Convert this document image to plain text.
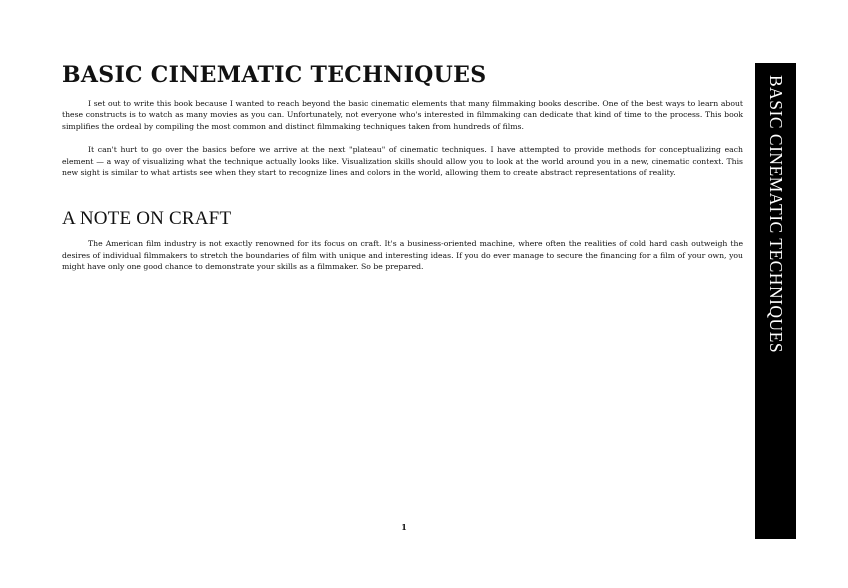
BASIC CINEMATIC TECHNIQUES

I set out to write this book because I wanted to reach beyond the basic cinematic elements that many filmmaking books describe. One of the best ways to learn about these constructs is to watch as many movies as you can. Unfortunately, not everyone who's interested in filmmaking can dedicate that kind of time to the process. This book simplifies the ordeal by compiling the most common and distinct filmmaking techniques taken from hundreds of films.

It can't hurt to go over the basics before we arrive at the next "plateau" of cinematic techniques. I have attempted to provide methods for conceptualizing each element — a way of visualizing what the technique actually looks like. Visualization skills should allow you to look at the world around you in a new, cinematic context. This new sight is similar to what artists see when they start to recognize lines and colors in the world, allowing them to create abstract representations of reality.

A NOTE ON CRAFT

The American film industry is not exactly renowned for its focus on craft. It's a business-oriented machine, where often the realities of cold hard cash outweigh the desires of individual filmmakers to stretch the boundaries of film with unique and interesting ideas. If you do ever manage to secure the financing for a film of your own, you might have only one good chance to demonstrate your skills as a filmmaker. So be prepared.

1
BASIC CINEMATIC TECHNIQUES
